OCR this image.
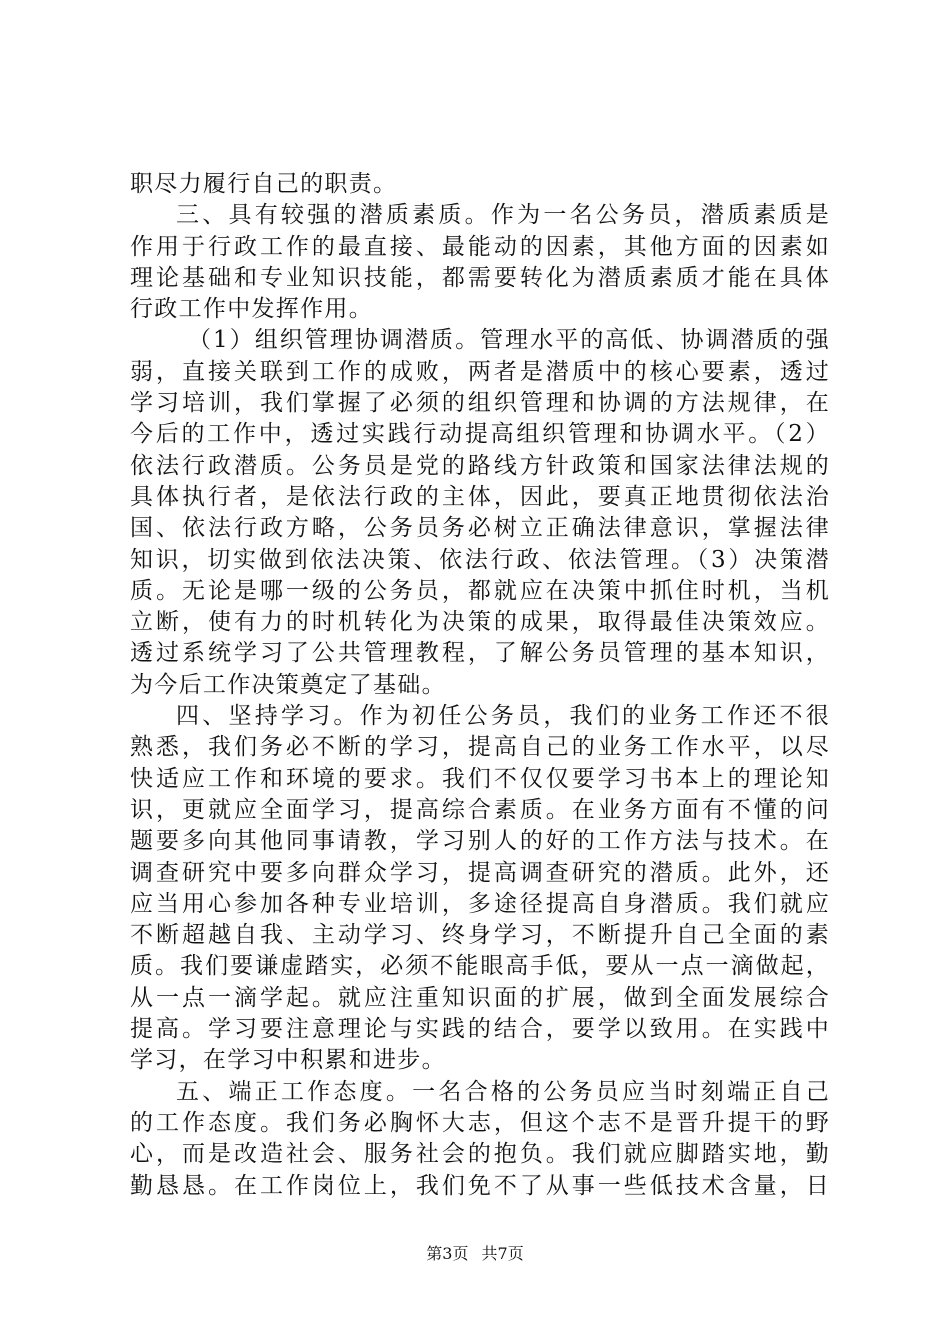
职尽力履行自己的职责。
三、具有较强的潜质素质。作为一名公务员，潜质素质是
作用于行政工作的最直接、最能动的因素，其他方面的因素如
理论基础和专业知识技能，都需要转化为潜质素质才能在具体
行政工作中发挥作用。
（1）组织管理协调潜质。管理水平的高低、协调潜质的强
弱，直接关联到工作的成败，两者是潜质中的核心要素，透过
学习培训，我们掌握了必须的组织管理和协调的方法规律，在
今后的工作中，透过实践行动提高组织管理和协调水平。（2）
依法行政潜质。公务员是党的路线方针政策和国家法律法规的
具体执行者，是依法行政的主体，因此，要真正地贯彻依法治
国、依法行政方略，公务员务必树立正确法律意识，掌握法律
知识，切实做到依法决策、依法行政、依法管理。（3）决策潜
质。无论是哪一级的公务员，都就应在决策中抓住时机，当机
立断，使有力的时机转化为决策的成果，取得最佳决策效应。
透过系统学习了公共管理教程，了解公务员管理的基本知识，
为今后工作决策奠定了基础。
四、坚持学习。作为初任公务员，我们的业务工作还不很
熟悉，我们务必不断的学习，提高自己的业务工作水平，以尽
快适应工作和环境的要求。我们不仅仅要学习书本上的理论知
识，更就应全面学习，提高综合素质。在业务方面有不懂的问
题要多向其他同事请教，学习别人的好的工作方法与技术。在
调查研究中要多向群众学习，提高调查研究的潜质。此外，还
应当用心参加各种专业培训，多途径提高自身潜质。我们就应
不断超越自我、主动学习、终身学习，不断提升自己全面的素
质。我们要谦虚踏实，必须不能眼高手低，要从一点一滴做起，
从一点一滴学起。就应注重知识面的扩展，做到全面发展综合
提高。学习要注意理论与实践的结合，要学以致用。在实践中
学习，在学习中积累和进步。
五、端正工作态度。一名合格的公务员应当时刻端正自己
的工作态度。我们务必胸怀大志，但这个志不是晋升提干的野
心，而是改造社会、服务社会的抱负。我们就应脚踏实地，勤
勤恳恳。在工作岗位上，我们免不了从事一些低技术含量，日
第3页 共7页
